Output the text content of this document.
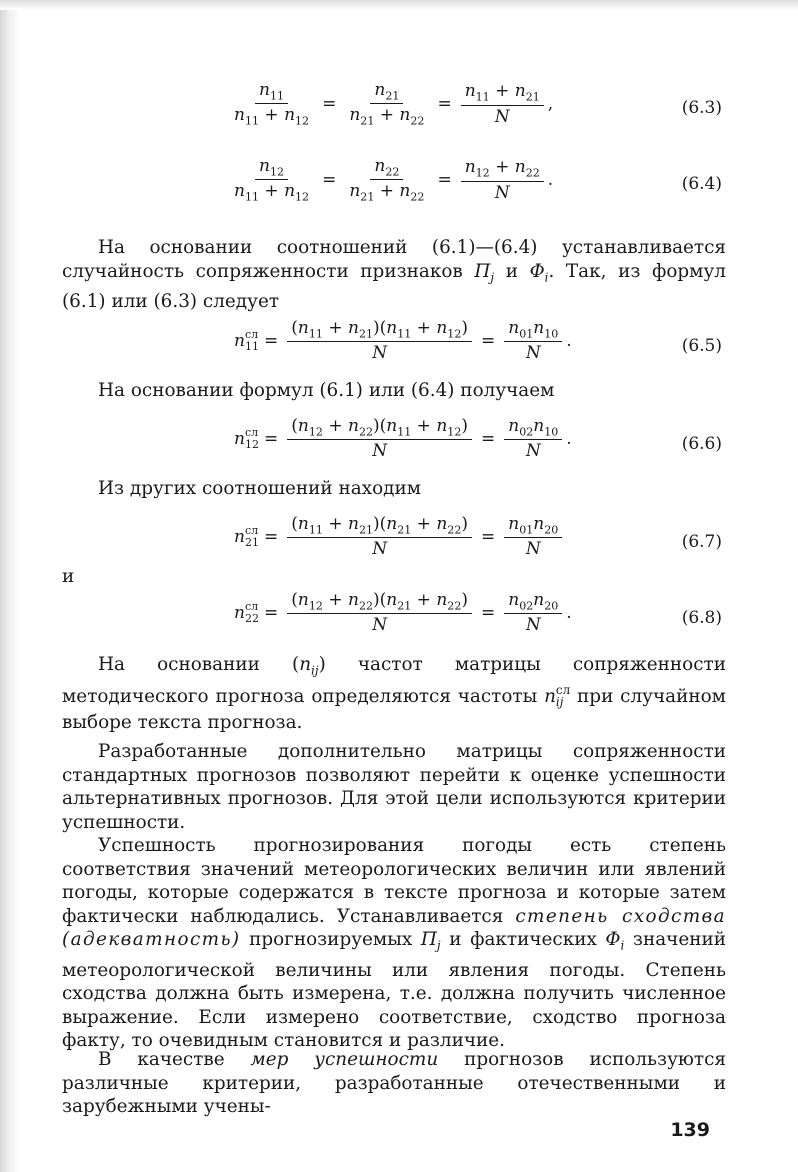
$\frac{n_{11}}{n_{11} + n_{12}} = \frac{n_{21}}{n_{21} + n_{22}} = \frac{n_{11} + n_{21}}{N}$ ,	(6.3)
$\frac{n_{12}}{n_{11} + n_{12}} = \frac{n_{22}}{n_{21} + n_{22}} = \frac{n_{12} + n_{22}}{N}$ .	(6.4)
На основании соотношений (6.1)—(6.4) устанавливается случайность сопряженности признаков $\Pi_j$ и $\Phi_i$. Так, из формул (6.1) или (6.3) следует
n сл
$11 = \frac{(n_{11} + n_{21})(n_{11} + n_{12})}{N} = \frac{n_{01}n_{10}}{N}$ .	(6.5)
На основании формул (6.1) или (6.4) получаем
n сл
$12 = \frac{(n_{12} + n_{22})(n_{11} + n_{12})}{N} = \frac{n_{02}n_{10}}{N}$ .	(6.6)
Из других соотношений находим
n сл
$21 = \frac{(n_{11} + n_{21})(n_{21} + n_{22})}{N} = \frac{n_{01}n_{20}}{N}$	(6.7)
и
n сл
$22 = \frac{(n_{12} + n_{22})(n_{21} + n_{22})}{N} = \frac{n_{02}n_{20}}{N}$ .	(6.8)
На основании $(n_{ij})$ частот матрицы сопряженности методического прогноза определяются частоты n сл
ij при случайном выборе текста прогноза.
Разработанные дополнительно матрицы сопряженности стандартных прогнозов позволяют перейти к оценке успешности альтернативных прогнозов. Для этой цели используются критерии успешности.
Успешность прогнозирования погоды есть степень соответствия значений метеорологических величин или явлений погоды, которые содержатся в тексте прогноза и которые затем фактически наблюдались. Устанавливается степень сходства (адекватность) прогнозируемых $\Pi_j$ и фактических $\Phi_i$ значений метеорологической величины или явления погоды. Степень сходства должна быть измерена, т.е. должна получить численное выражение. Если измерено соответствие, сходство прогноза факту, то очевидным становится и различие.
В качестве мер успешности прогнозов используются различные критерии, разработанные отечественными и зарубежными учены-
139
